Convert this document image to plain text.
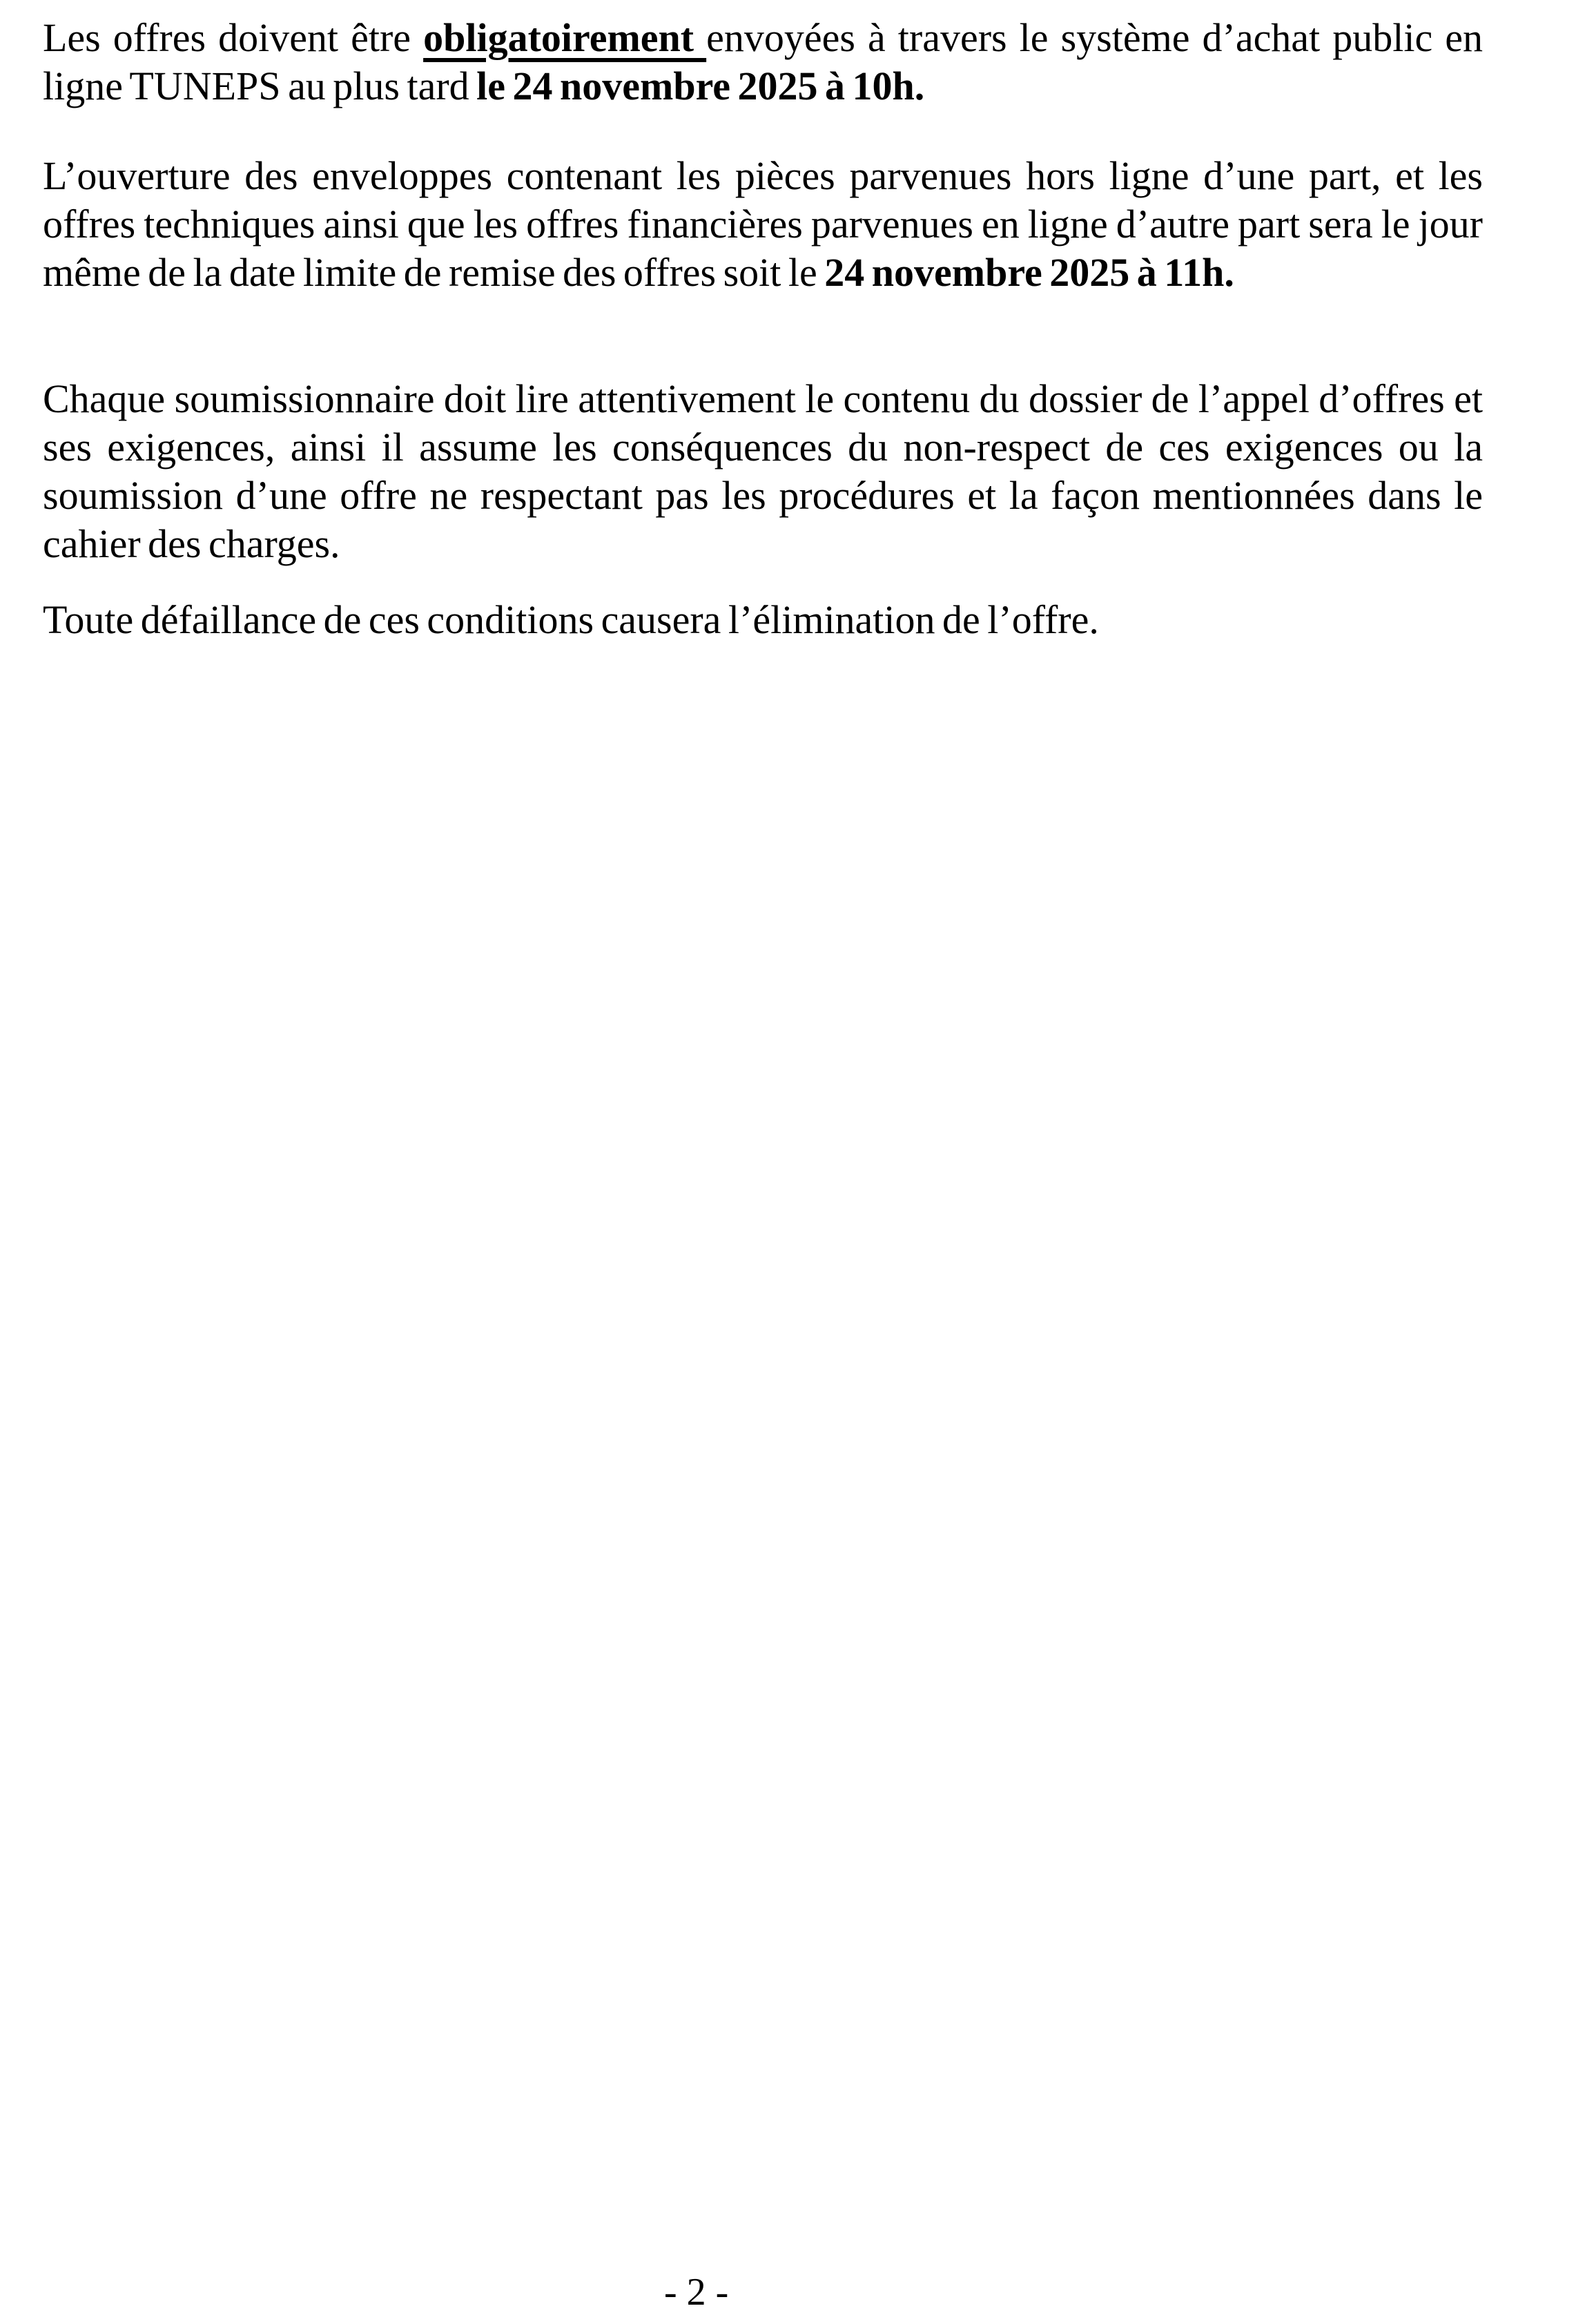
Les offres doivent être obligatoirement envoyées à travers le système d’achat public en ligne TUNEPS au plus tard le 24 novembre 2025 à 10h.

L’ouverture des enveloppes contenant les pièces parvenues hors ligne d’une part, et les offres techniques ainsi que les offres financières parvenues en ligne d’autre part sera le jour même de la date limite de remise des offres soit le 24 novembre 2025 à 11h.

Chaque soumissionnaire doit lire attentivement le contenu du dossier de l’appel d’offres et ses exigences, ainsi il assume les conséquences du non-respect de ces exigences ou la soumission d’une offre ne respectant pas les procédures et la façon mentionnées dans le cahier des charges.

Toute défaillance de ces conditions causera l’élimination de l’offre.

- 2 -
